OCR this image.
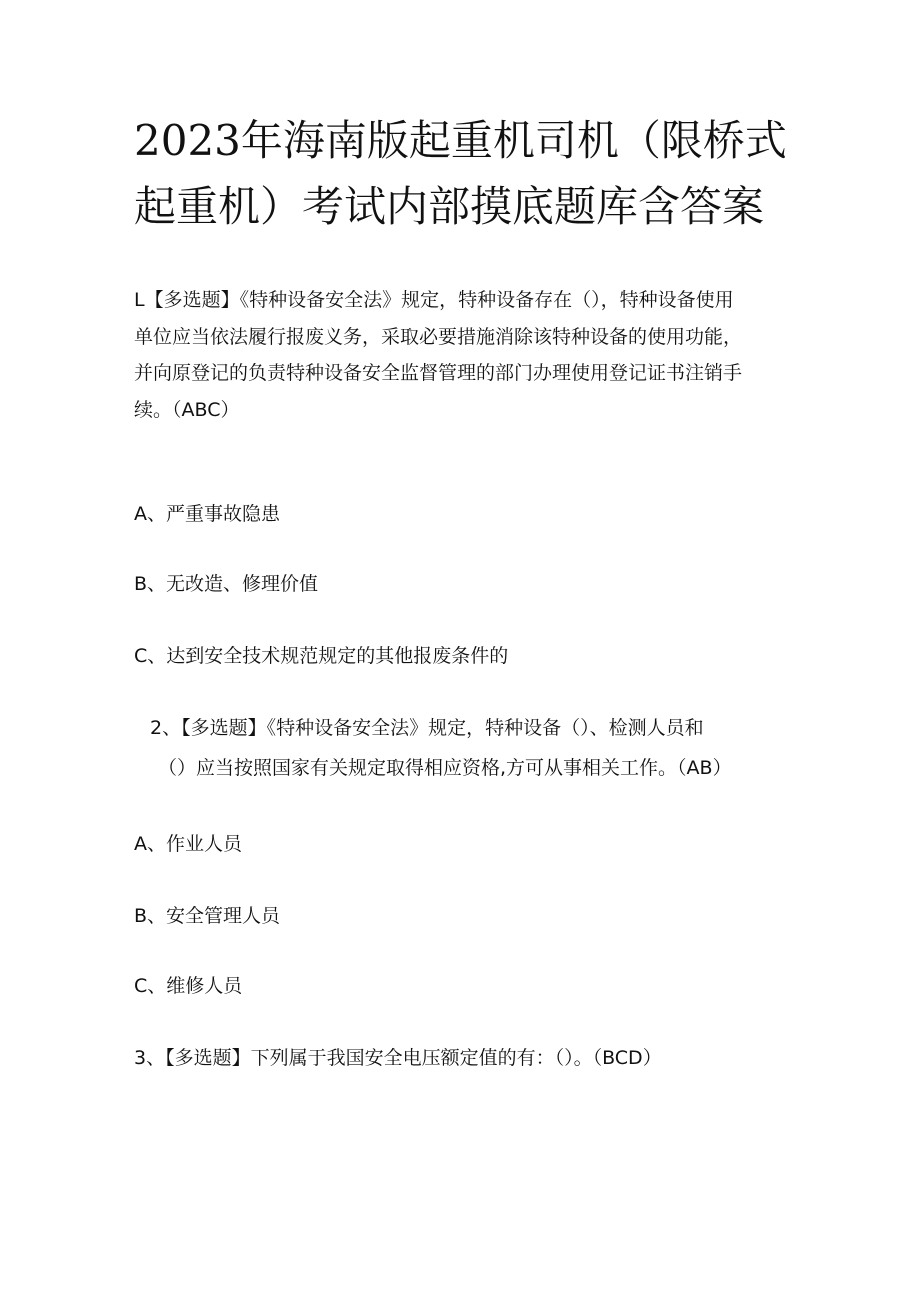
2023年海南版起重机司机（限桥式
起重机）考试内部摸底题库含答案

L【多选题】《特种设备安全法》规定，特种设备存在（），特种设备使用
单位应当依法履行报废义务，采取必要措施消除该特种设备的使用功能，
并向原登记的负责特种设备安全监督管理的部门办理使用登记证书注销手
续。（ABC）

A、严重事故隐患

B、无改造、修理价值

C、达到安全技术规范规定的其他报废条件的

2、【多选题】《特种设备安全法》规定，特种设备（）、检测人员和
（）应当按照国家有关规定取得相应资格,方可从事相关工作。（AB）

A、作业人员

B、安全管理人员

C、维修人员

3、【多选题】下列属于我国安全电压额定值的有：（）。（BCD）
